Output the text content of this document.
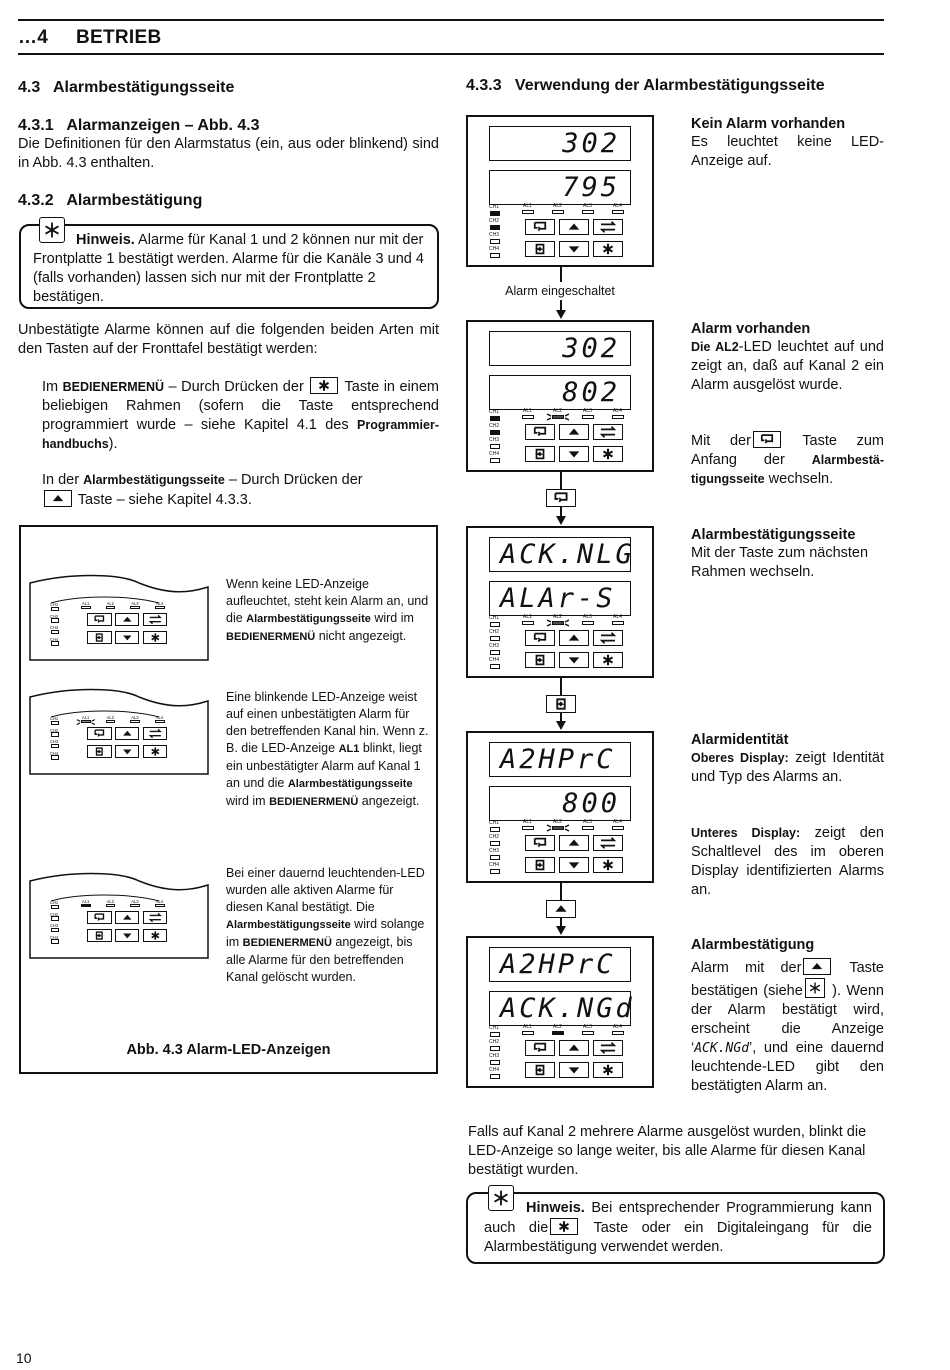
…4 BETRIEB
4.3   Alarmbestätigungsseite
4.3.1   Alarmanzeigen – Abb. 4.3
Die Definitionen für den Alarmstatus (ein, aus oder blinkend) sind in Abb. 4.3 enthalten.
4.3.2   Alarmbestätigung
Hinweis. Alarme für Kanal 1 und 2 können nur mit der Frontplatte 1 bestätigt werden. Alarme für die Kanäle 3 und 4 (falls vorhanden) lassen sich nur mit der Frontplatte 2 bestätigen.
Unbestätigte Alarme können auf die folgenden beiden Arten mit den Tasten auf der Fronttafel bestätigt werden:
Im BEDIENERMENÜ – Durch Drücken der
Taste in einem beliebigen Rahmen (sofern die Taste entsprechend programmiert wurde – siehe Kapitel 4.1 des Programmier-handbuchs).
In der Alarmbestätigungsseite – Durch Drücken der

Taste – siehe Kapitel 4.3.3.
CH1
CH2
CH3
CH4
AL1	AL2	AL3	AL4
CH1
CH2
CH3
CH4
AL1	AL2	AL3	AL4
CH1
CH2
CH3
CH4
AL1	AL2	AL3	AL4
Wenn keine LED-Anzeige aufleuchtet, steht kein Alarm an, und die Alarmbestätigungsseite wird im BEDIENERMENÜ nicht angezeigt.
Eine blinkende LED-Anzeige weist auf einen unbestätigten Alarm für den betreffenden Kanal hin. Wenn z. B. die LED-Anzeige AL1 blinkt, liegt ein unbestätigter Alarm auf Kanal 1 an und die Alarmbestätigungsseite wird im BEDIENERMENÜ angezeigt.
Bei einer dauernd leuchtenden-LED wurden alle aktiven Alarme für diesen Kanal bestätigt. Die Alarmbestätigungsseite wird solange im BEDIENERMENÜ angezeigt, bis alle Alarme für den betreffenden Kanal gelöscht wurden.
Abb. 4.3 Alarm-LED-Anzeigen
4.3.3   Verwendung der Alarmbestätigungsseite
302
795
CH1
CH2
CH3
CH4
AL1	AL2	AL3	AL4
302
802
CH1
CH2
CH3
CH4
AL1	AL2	AL3	AL4
ACK.NLG
ALAr-S
CH1
CH2
CH3
CH4
AL1	AL2	AL3	AL4
A2HPrC
800
CH1
CH2
CH3
CH4
AL1	AL2	AL3	AL4
A2HPrC
ACK.NGd
CH1
CH2
CH3
CH4
AL1	AL2	AL3	AL4
Alarm eingeschaltet
Kein Alarm vorhanden
Es leuchtet keine LED-Anzeige auf.
Alarm vorhanden
Die AL2-LED leuchtet auf und zeigt an, daß auf Kanal 2 ein Alarm ausgelöst wurde.
Mit der
Taste zum Anfang der Alarmbestä-tigungsseite wechseln.
Alarmbestätigungsseite
Mit der Taste zum nächsten Rahmen wechseln.
Alarmidentität
Oberes Display: zeigt Identität und Typ des Alarms an.
Unteres Display: zeigt den Schaltlevel des im oberen Display identifizierten Alarms an.
Alarmbestätigung
Alarm mit der
Taste bestätigen (siehe
). Wenn der Alarm bestätigt wird, erscheint die Anzeige ‘ACK.NGd’, und eine dauernd leuchtende-LED gibt den bestätigten Alarm an.
Falls auf Kanal 2 mehrere Alarme ausgelöst wurden, blinkt die LED-Anzeige so lange weiter, bis alle Alarme für diesen Kanal bestätigt wurden.
Hinweis. Bei entsprechender Programmierung kann auch die
Taste oder ein Digitaleingang für die Alarmbestätigung verwendet werden.
10
